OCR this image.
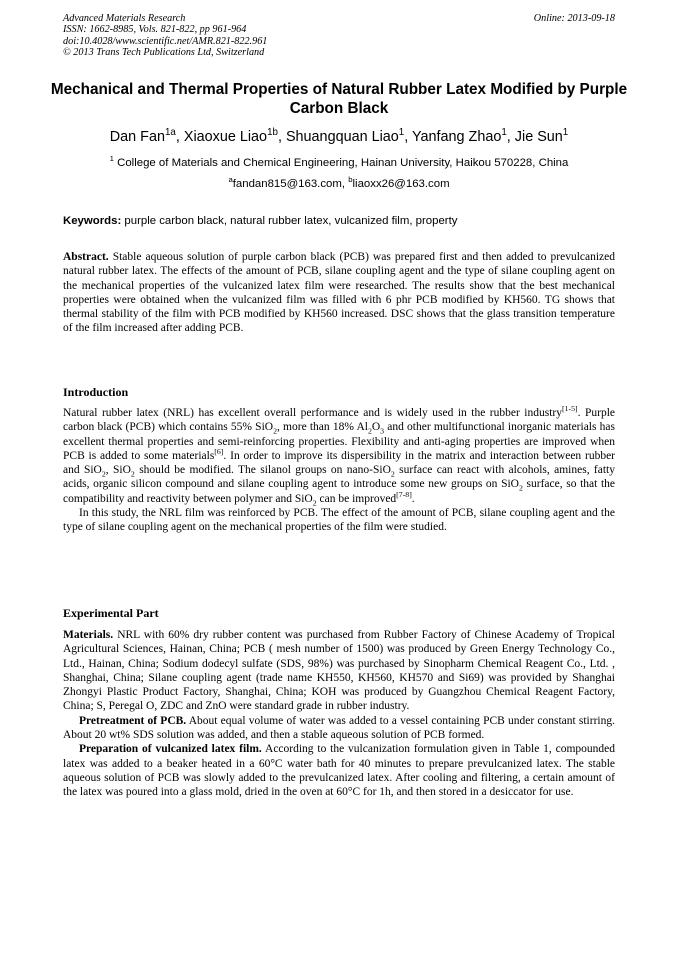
Advanced Materials Research
ISSN: 1662-8985, Vols. 821-822, pp 961-964
doi:10.4028/www.scientific.net/AMR.821-822.961
© 2013 Trans Tech Publications Ltd, Switzerland
Online: 2013-09-18
Mechanical and Thermal Properties of Natural Rubber Latex Modified by Purple Carbon Black
Dan Fan$^{1a}$, Xiaoxue Liao$^{1b}$, Shuangquan Liao$^1$, Yanfang Zhao$^1$, Jie Sun$^1$
$^1$ College of Materials and Chemical Engineering, Hainan University, Haikou 570228, China
$^a$fandan815@163.com, $^b$liaoxx26@163.com
Keywords: purple carbon black, natural rubber latex, vulcanized film, property

Abstract. Stable aqueous solution of purple carbon black (PCB) was prepared first and then added to prevulcanized natural rubber latex. The effects of the amount of PCB, silane coupling agent and the type of silane coupling agent on the mechanical properties of the vulcanized latex film were researched. The results show that the best mechanical properties were obtained when the vulcanized film was filled with 6 phr PCB modified by KH560. TG shows that thermal stability of the film with PCB modified by KH560 increased. DSC shows that the glass transition temperature of the film increased after adding PCB.

Introduction

Natural rubber latex (NRL) has excellent overall performance and is widely used in the rubber industry[1-5]. Purple carbon black (PCB) which contains 55% SiO$_2$, more than 18% $Al_2O_3$ and other multifunctional inorganic materials has excellent thermal properties and semi-reinforcing properties. Flexibility and anti-aging properties are improved when PCB is added to some materials[6]. In order to improve its dispersibility in the matrix and interaction between rubber and SiO$_2$, SiO$_2$ should be modified. The silanol groups on nano-SiO$_2$ surface can react with alcohols, amines, fatty acids, organic silicon compound and silane coupling agent to introduce some new groups on SiO$_2$ surface, so that the compatibility and reactivity between polymer and SiO$_2$ can be improved[7-8].

In this study, the NRL film was reinforced by PCB. The effect of the amount of PCB, silane coupling agent and the type of silane coupling agent on the mechanical properties of the film were studied.

Experimental Part

Materials. NRL with 60% dry rubber content was purchased from Rubber Factory of Chinese Academy of Tropical Agricultural Sciences, Hainan, China; PCB ( mesh number of 1500) was produced by Green Energy Technology Co., Ltd., Hainan, China; Sodium dodecyl sulfate (SDS, 98%) was purchased by Sinopharm Chemical Reagent Co., Ltd. , Shanghai, China; Silane coupling agent (trade name KH550, KH560, KH570 and Si69) was provided by Shanghai Zhongyi Plastic Product Factory, Shanghai, China; KOH was produced by Guangzhou Chemical Reagent Factory, China; S, Peregal O, ZDC and ZnO were standard grade in rubber industry.

Pretreatment of PCB. About equal volume of water was added to a vessel containing PCB under constant stirring. About 20 wt% SDS solution was added, and then a stable aqueous solution of PCB formed.

Preparation of vulcanized latex film. According to the vulcanization formulation given in Table 1, compounded latex was added to a beaker heated in a 60°C water bath for 40 minutes to prepare prevulcanized latex. The stable aqueous solution of PCB was slowly added to the prevulcanized latex. After cooling and filtering, a certain amount of the latex was poured into a glass mold, dried in the oven at 60°C for 1h, and then stored in a desiccator for use.
